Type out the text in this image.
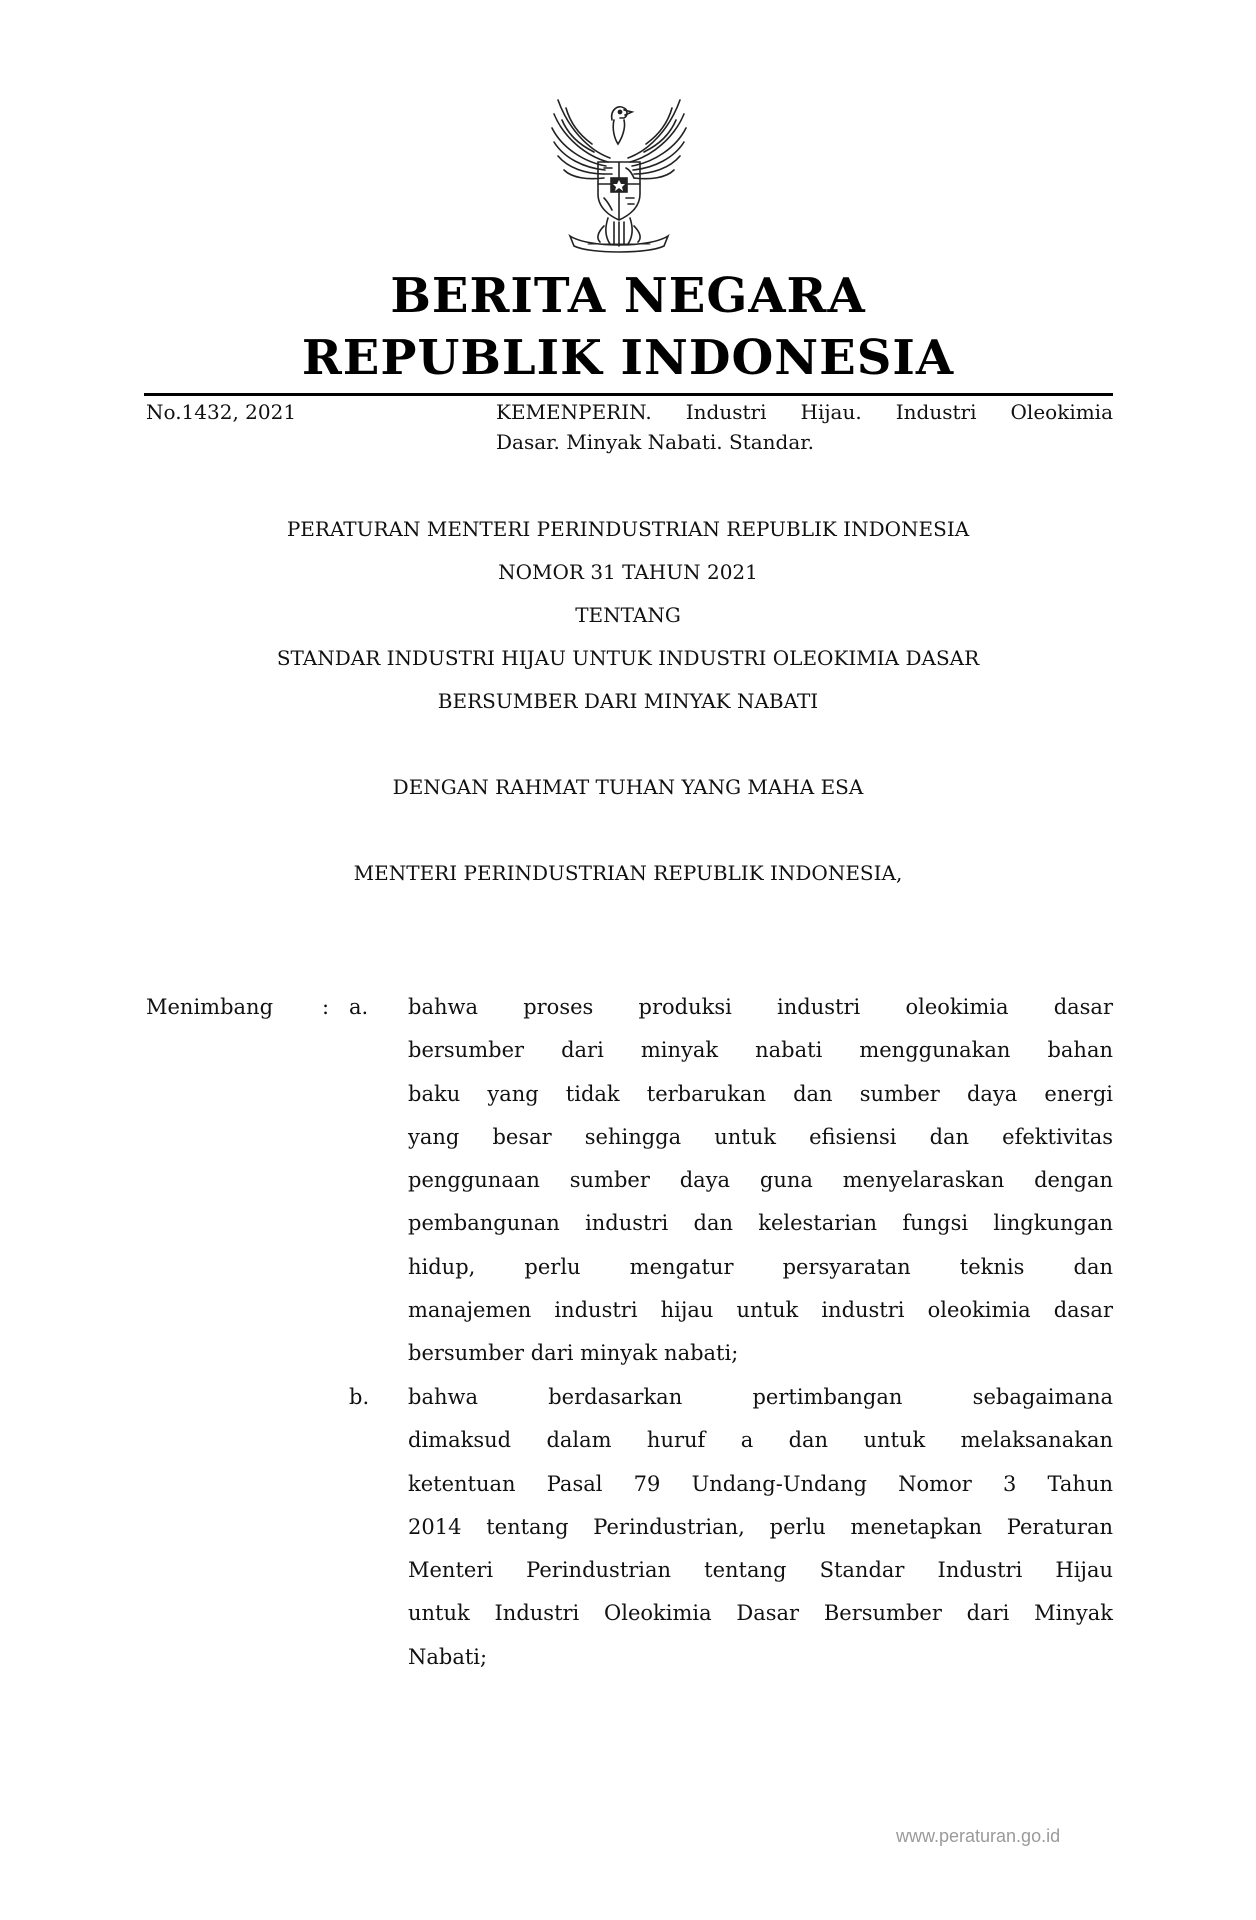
BERITA NEGARA
REPUBLIK INDONESIA
No.1432, 2021	KEMENPERIN. Industri Hijau. Industri Oleokimia
Dasar. Minyak Nabati. Standar.
PERATURAN MENTERI PERINDUSTRIAN REPUBLIK INDONESIA
NOMOR 31 TAHUN 2021
TENTANG
STANDAR INDUSTRI HIJAU UNTUK INDUSTRI OLEOKIMIA DASAR
BERSUMBER DARI MINYAK NABATI
DENGAN RAHMAT TUHAN YANG MAHA ESA
MENTERI PERINDUSTRIAN REPUBLIK INDONESIA,
Menimbang : a. bahwa proses produksi industri oleokimia dasar
bersumber dari minyak nabati menggunakan bahan
baku yang tidak terbarukan dan sumber daya energi
yang besar sehingga untuk efisiensi dan efektivitas
penggunaan sumber daya guna menyelaraskan dengan
pembangunan industri dan kelestarian fungsi lingkungan
hidup, perlu mengatur persyaratan teknis dan
manajemen industri hijau untuk industri oleokimia dasar
bersumber dari minyak nabati;
b. bahwa berdasarkan pertimbangan sebagaimana
dimaksud dalam huruf a dan untuk melaksanakan
ketentuan Pasal 79 Undang-Undang Nomor 3 Tahun
2014 tentang Perindustrian, perlu menetapkan Peraturan
Menteri Perindustrian tentang Standar Industri Hijau
untuk Industri Oleokimia Dasar Bersumber dari Minyak
Nabati;
www.peraturan.go.id
